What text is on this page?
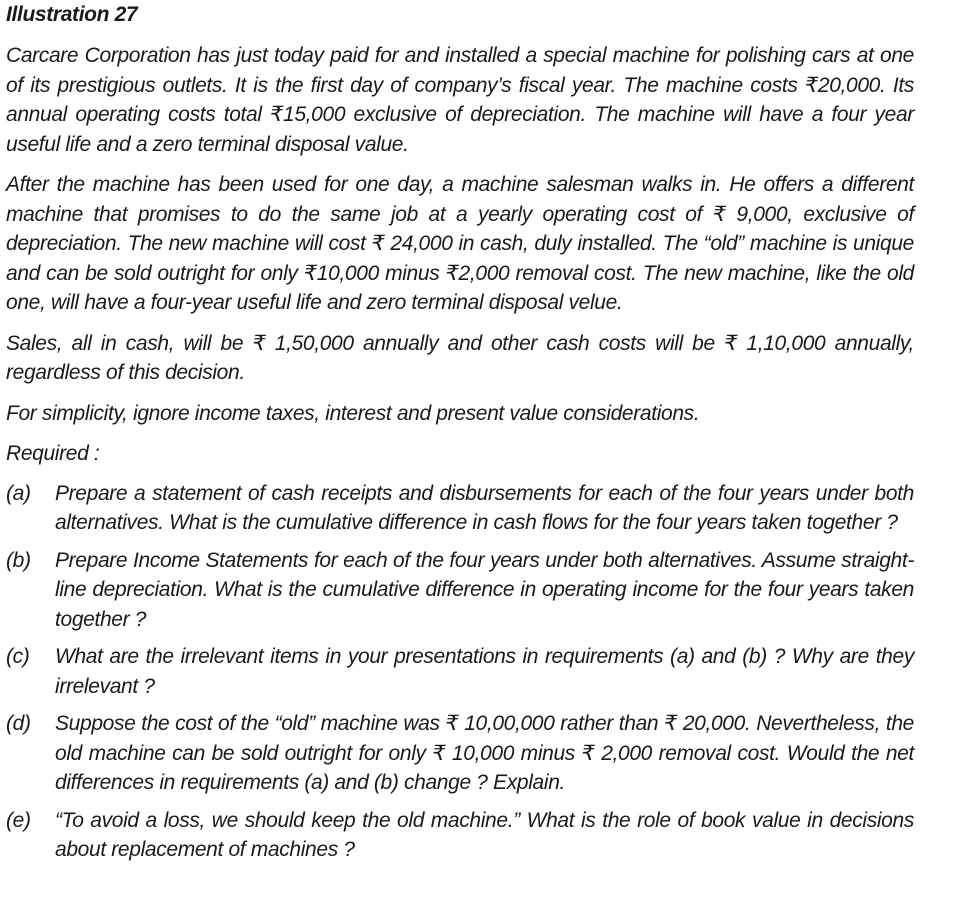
Illustration 27

Carcare Corporation has just today paid for and installed a special machine for polishing cars at one of its prestigious outlets. It is the first day of company’s fiscal year. The machine costs ₹20,000. Its annual operating costs total ₹15,000 exclusive of depreciation. The machine will have a four year useful life and a zero terminal disposal value.

After the machine has been used for one day, a machine salesman walks in. He offers a different machine that promises to do the same job at a yearly operating cost of ₹ 9,000, exclusive of depreciation. The new machine will cost ₹ 24,000 in cash, duly installed. The “old” machine is unique and can be sold outright for only ₹10,000 minus ₹2,000 removal cost. The new machine, like the old one, will have a four-year useful life and zero terminal disposal velue.

Sales, all in cash, will be ₹ 1,50,000 annually and other cash costs will be ₹ 1,10,000 annually, regardless of this decision.

For simplicity, ignore income taxes, interest and present value considerations.

Required :
(a)	Prepare a statement of cash receipts and disbursements for each of the four years under both alternatives. What is the cumulative difference in cash flows for the four years taken together ?
(b)	Prepare Income Statements for each of the four years under both alternatives. Assume straight-line depreciation. What is the cumulative difference in operating income for the four years taken together ?
(c)	What are the irrelevant items in your presentations in requirements (a) and (b) ? Why are they irrelevant ?
(d)	Suppose the cost of the “old” machine was ₹ 10,00,000 rather than ₹ 20,000. Nevertheless, the old machine can be sold outright for only ₹ 10,000 minus ₹ 2,000 removal cost. Would the net differences in requirements (a) and (b) change ? Explain.
(e)	“To avoid a loss, we should keep the old machine.” What is the role of book value in decisions about replacement of machines ?
